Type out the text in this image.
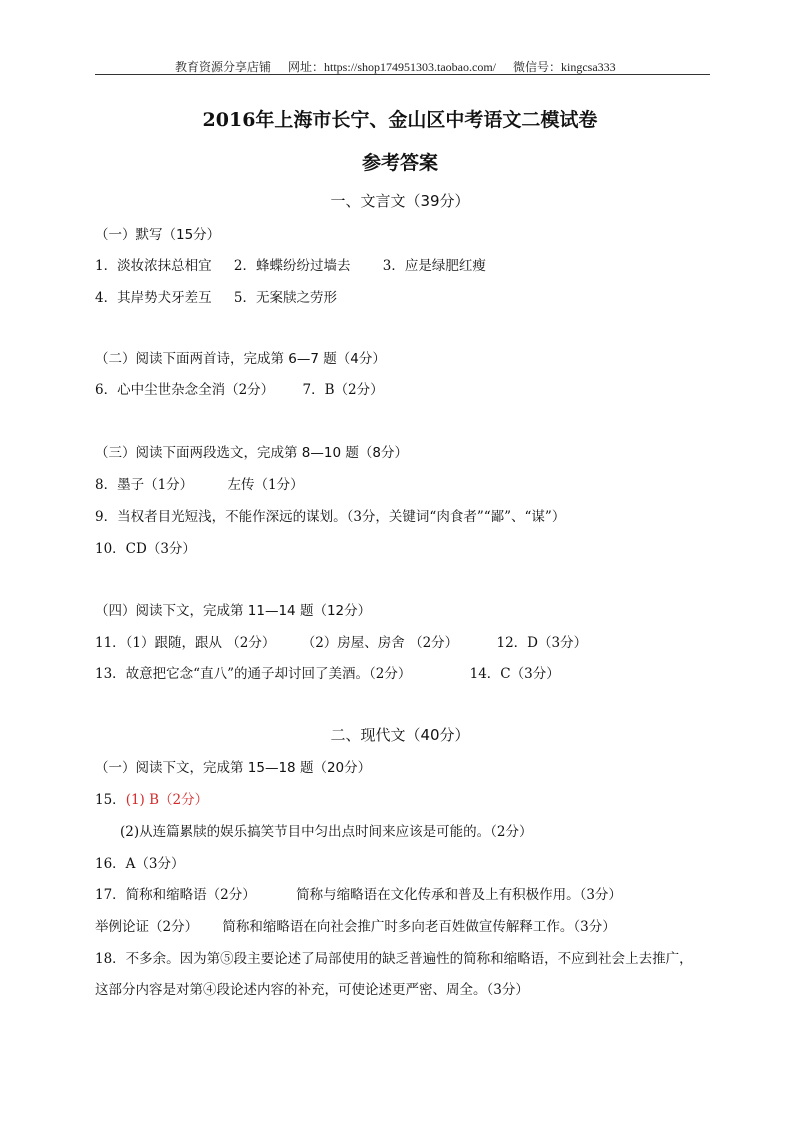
教育资源分享店铺 网址：https://shop174951303.taobao.com/ 微信号：kingcsa333
2016年上海市长宁、金山区中考语文二模试卷
参考答案
一、文言文（39分）
（一）默写（15分）
1．淡妆浓抹总相宜 2．蜂蝶纷纷过墙去 3．应是绿肥红瘦
4．其岸势犬牙差互 5．无案牍之劳形
（二）阅读下面两首诗，完成第 6—7 题（4分）
6．心中尘世杂念全消（2分） 7．B（2分）
（三）阅读下面两段选文，完成第 8—10 题（8分）
8．墨子（1分）	左传（1分）
9．当权者目光短浅，不能作深远的谋划。（3分，关键词“肉食者”“鄙”、“谋”）
10．CD（3分）
（四）阅读下文，完成第 11—14 题（12分）
11．（1）跟随，跟从 （2分） （2）房屋、房舍 （2分）	12．D（3分）
13．故意把它念“直八”的通子却讨回了美酒。（2分）	14．C（3分）
二、现代文（40分）
（一）阅读下文，完成第 15—18 题（20分）
15．(1) B（2分）
(2)从连篇累牍的娱乐搞笑节目中匀出点时间来应该是可能的。（2分）
16．A（3分）
17．简称和缩略语（2分）	简称与缩略语在文化传承和普及上有积极作用。（3分）
举例论证（2分） 简称和缩略语在向社会推广时多向老百姓做宣传解释工作。（3分）
18．不多余。因为第⑤段主要论述了局部使用的缺乏普遍性的简称和缩略语，不应到社会上去推广，
这部分内容是对第④段论述内容的补充，可使论述更严密、周全。（3分）
